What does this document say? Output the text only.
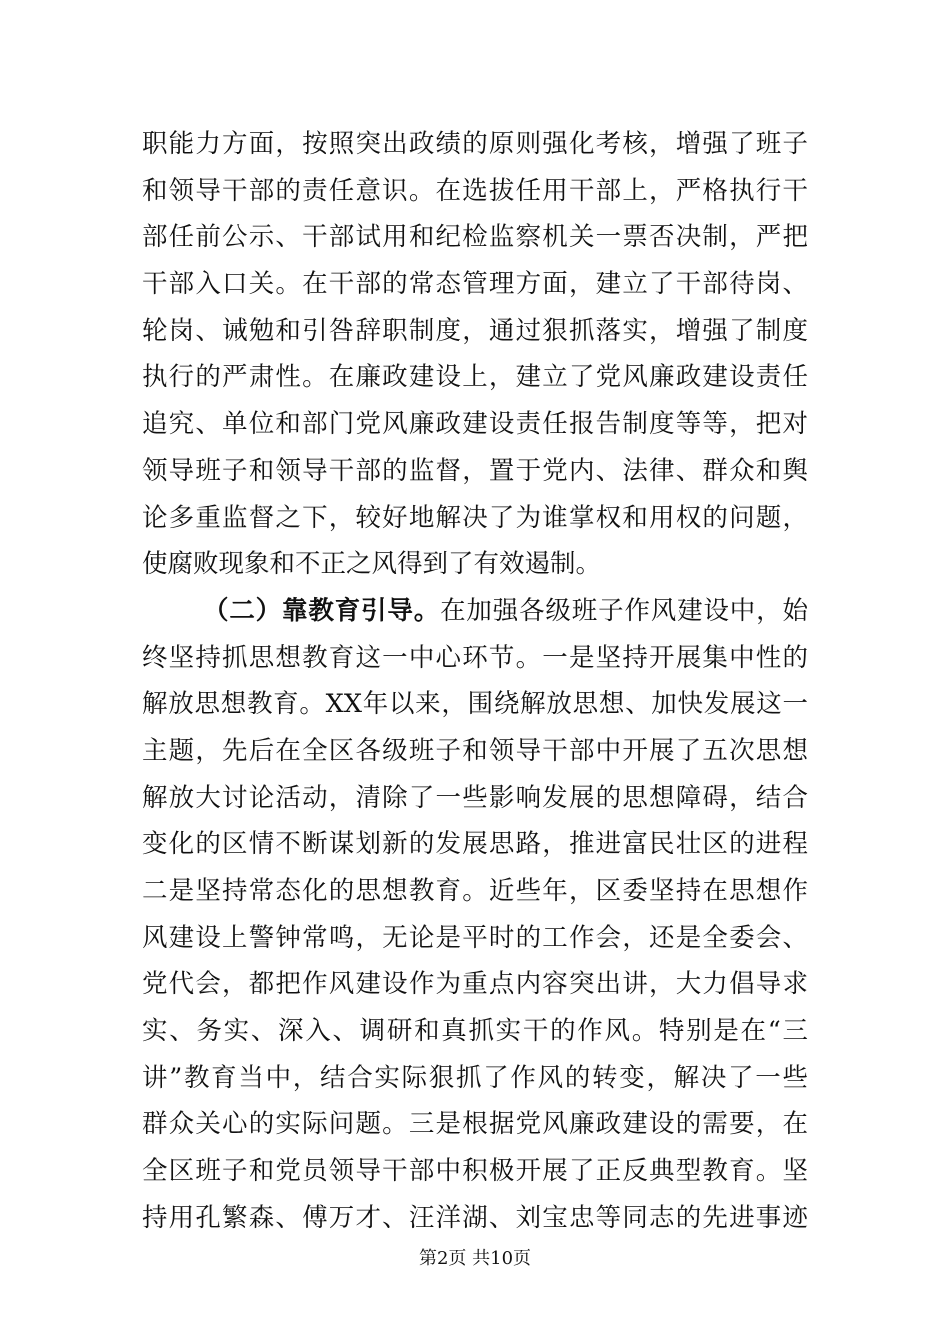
职能力方面，按照突出政绩的原则强化考核，增强了班子
和领导干部的责任意识。在选拔任用干部上，严格执行干
部任前公示、干部试用和纪检监察机关一票否决制，严把
干部入口关。在干部的常态管理方面，建立了干部待岗、
轮岗、诫勉和引咎辞职制度，通过狠抓落实，增强了制度
执行的严肃性。在廉政建设上，建立了党风廉政建设责任
追究、单位和部门党风廉政建设责任报告制度等等，把对
领导班子和领导干部的监督，置于党内、法律、群众和舆
论多重监督之下，较好地解决了为谁掌权和用权的问题，
使腐败现象和不正之风得到了有效遏制。
（二）靠教育引导。在加强各级班子作风建设中，始
终坚持抓思想教育这一中心环节。一是坚持开展集中性的
解放思想教育。XX年以来，围绕解放思想、加快发展这一
主题，先后在全区各级班子和领导干部中开展了五次思想
解放大讨论活动，清除了一些影响发展的思想障碍，结合
变化的区情不断谋划新的发展思路，推进富民壮区的进程
二是坚持常态化的思想教育。近些年，区委坚持在思想作
风建设上警钟常鸣，无论是平时的工作会，还是全委会、
党代会，都把作风建设作为重点内容突出讲，大力倡导求
实、务实、深入、调研和真抓实干的作风。特别是在“三
讲”教育当中，结合实际狠抓了作风的转变，解决了一些
群众关心的实际问题。三是根据党风廉政建设的需要，在
全区班子和党员领导干部中积极开展了正反典型教育。坚
持用孔繁森、傅万才、汪洋湖、刘宝忠等同志的先进事迹
第2页 共10页
